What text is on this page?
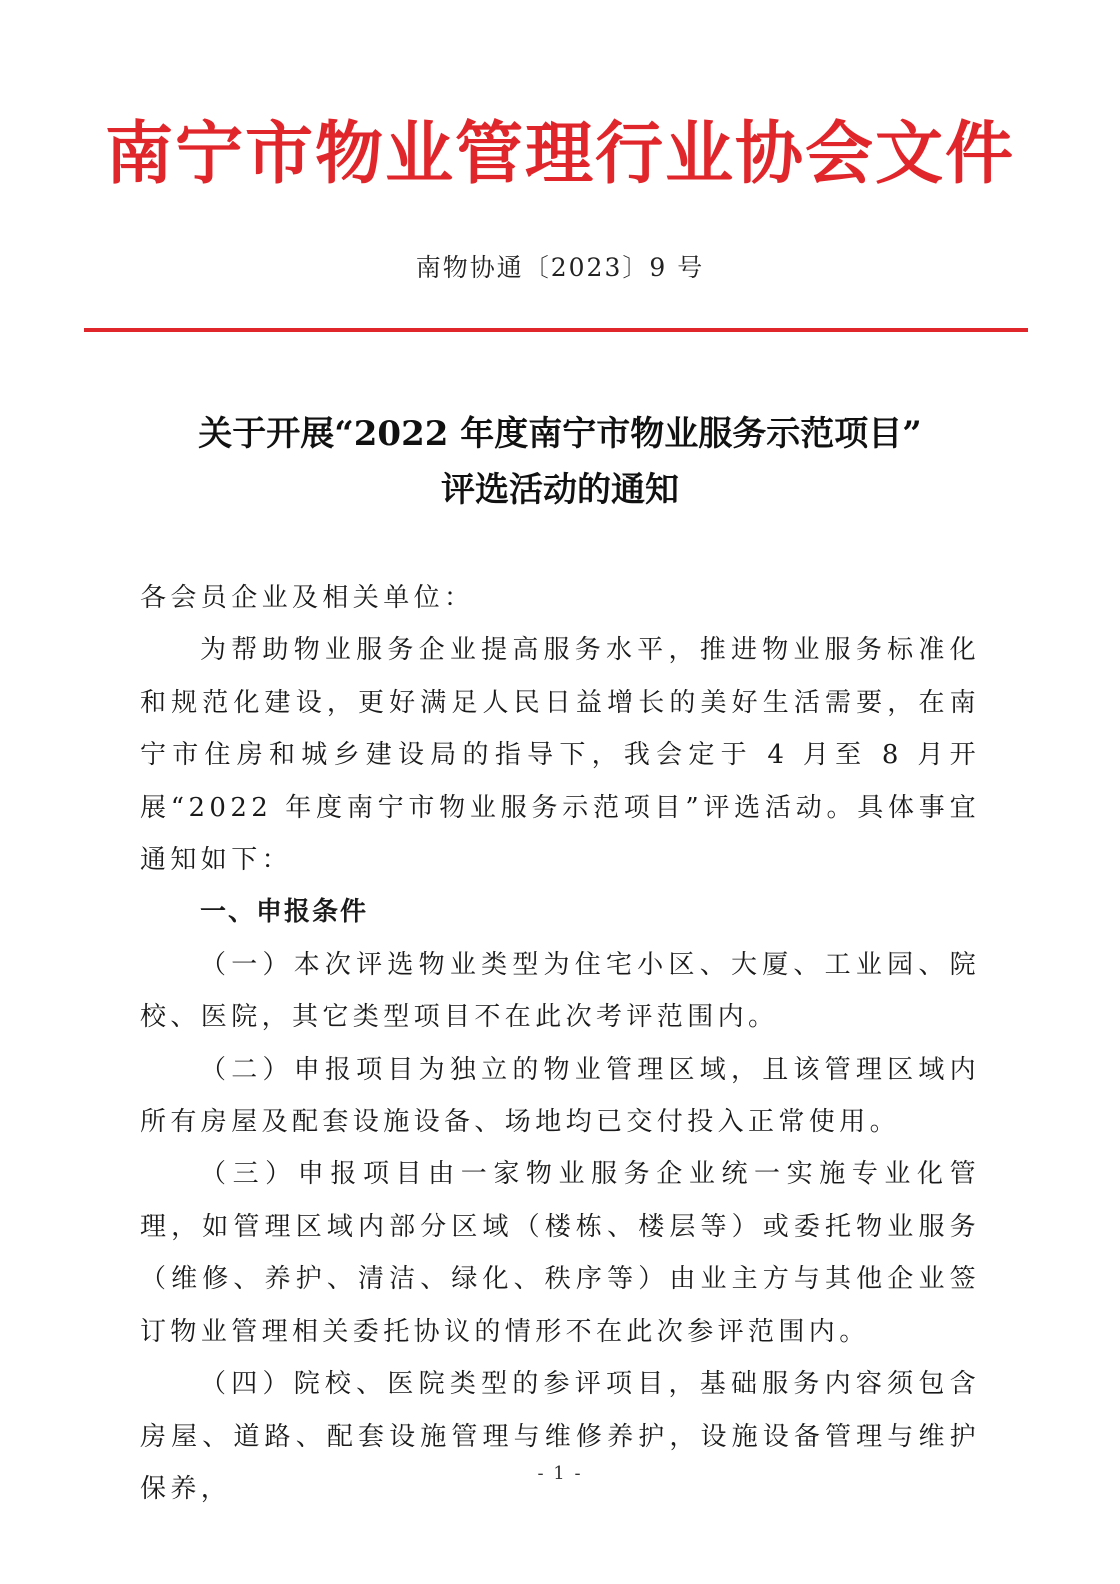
南宁市物业管理行业协会文件
南物协通〔2023〕9 号
关于开展“2022 年度南宁市物业服务示范项目”
评选活动的通知

各会员企业及相关单位：

为帮助物业服务企业提高服务水平，推进物业服务标准化和规范化建设，更好满足人民日益增长的美好生活需要，在南宁市住房和城乡建设局的指导下，我会定于 4 月至 8 月开展“2022 年度南宁市物业服务示范项目”评选活动。具体事宜通知如下：

一、申报条件

（一）本次评选物业类型为住宅小区、大厦、工业园、院校、医院，其它类型项目不在此次考评范围内。

（二）申报项目为独立的物业管理区域，且该管理区域内所有房屋及配套设施设备、场地均已交付投入正常使用。

（三）申报项目由一家物业服务企业统一实施专业化管理，如管理区域内部分区域（楼栋、楼层等）或委托物业服务（维修、养护、清洁、绿化、秩序等）由业主方与其他企业签订物业管理相关委托协议的情形不在此次参评范围内。

（四）院校、医院类型的参评项目，基础服务内容须包含房屋、道路、配套设施管理与维修养护，设施设备管理与维护保养，

- 1 -
